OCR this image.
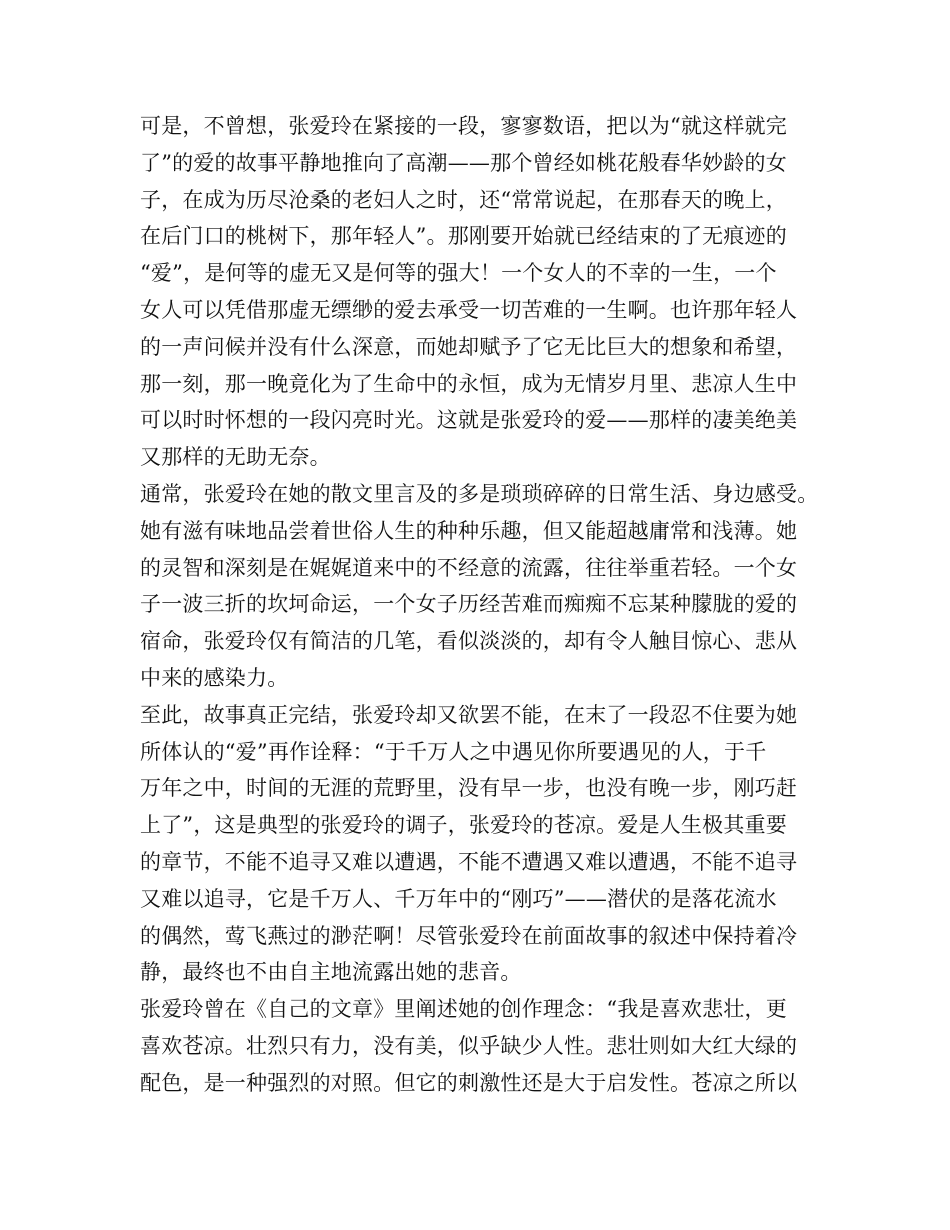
可是，不曾想，张爱玲在紧接的一段，寥寥数语，把以为“就这样就完
了”的爱的故事平静地推向了高潮——那个曾经如桃花般春华妙龄的女
子，在成为历尽沧桑的老妇人之时，还“常常说起，在那春天的晚上，
在后门口的桃树下，那年轻人”。那刚要开始就已经结束的了无痕迹的
“爱”，是何等的虚无又是何等的强大！一个女人的不幸的一生，一个
女人可以凭借那虚无缥缈的爱去承受一切苦难的一生啊。也许那年轻人
的一声问候并没有什么深意，而她却赋予了它无比巨大的想象和希望，
那一刻，那一晚竟化为了生命中的永恒，成为无情岁月里、悲凉人生中
可以时时怀想的一段闪亮时光。这就是张爱玲的爱——那样的凄美绝美
又那样的无助无奈。
通常，张爱玲在她的散文里言及的多是琐琐碎碎的日常生活、身边感受。
她有滋有味地品尝着世俗人生的种种乐趣，但又能超越庸常和浅薄。她
的灵智和深刻是在娓娓道来中的不经意的流露，往往举重若轻。一个女
子一波三折的坎坷命运，一个女子历经苦难而痴痴不忘某种朦胧的爱的
宿命，张爱玲仅有简洁的几笔，看似淡淡的，却有令人触目惊心、悲从
中来的感染力。
至此，故事真正完结，张爱玲却又欲罢不能，在末了一段忍不住要为她
所体认的“爱”再作诠释：“于千万人之中遇见你所要遇见的人，于千
万年之中，时间的无涯的荒野里，没有早一步，也没有晚一步，刚巧赶
上了”，这是典型的张爱玲的调子，张爱玲的苍凉。爱是人生极其重要
的章节，不能不追寻又难以遭遇，不能不遭遇又难以遭遇，不能不追寻
又难以追寻，它是千万人、千万年中的“刚巧”——潜伏的是落花流水
的偶然，莺飞燕过的渺茫啊！尽管张爱玲在前面故事的叙述中保持着冷
静，最终也不由自主地流露出她的悲音。
张爱玲曾在《自己的文章》里阐述她的创作理念：“我是喜欢悲壮，更
喜欢苍凉。壮烈只有力，没有美，似乎缺少人性。悲壮则如大红大绿的
配色，是一种强烈的对照。但它的刺激性还是大于启发性。苍凉之所以
